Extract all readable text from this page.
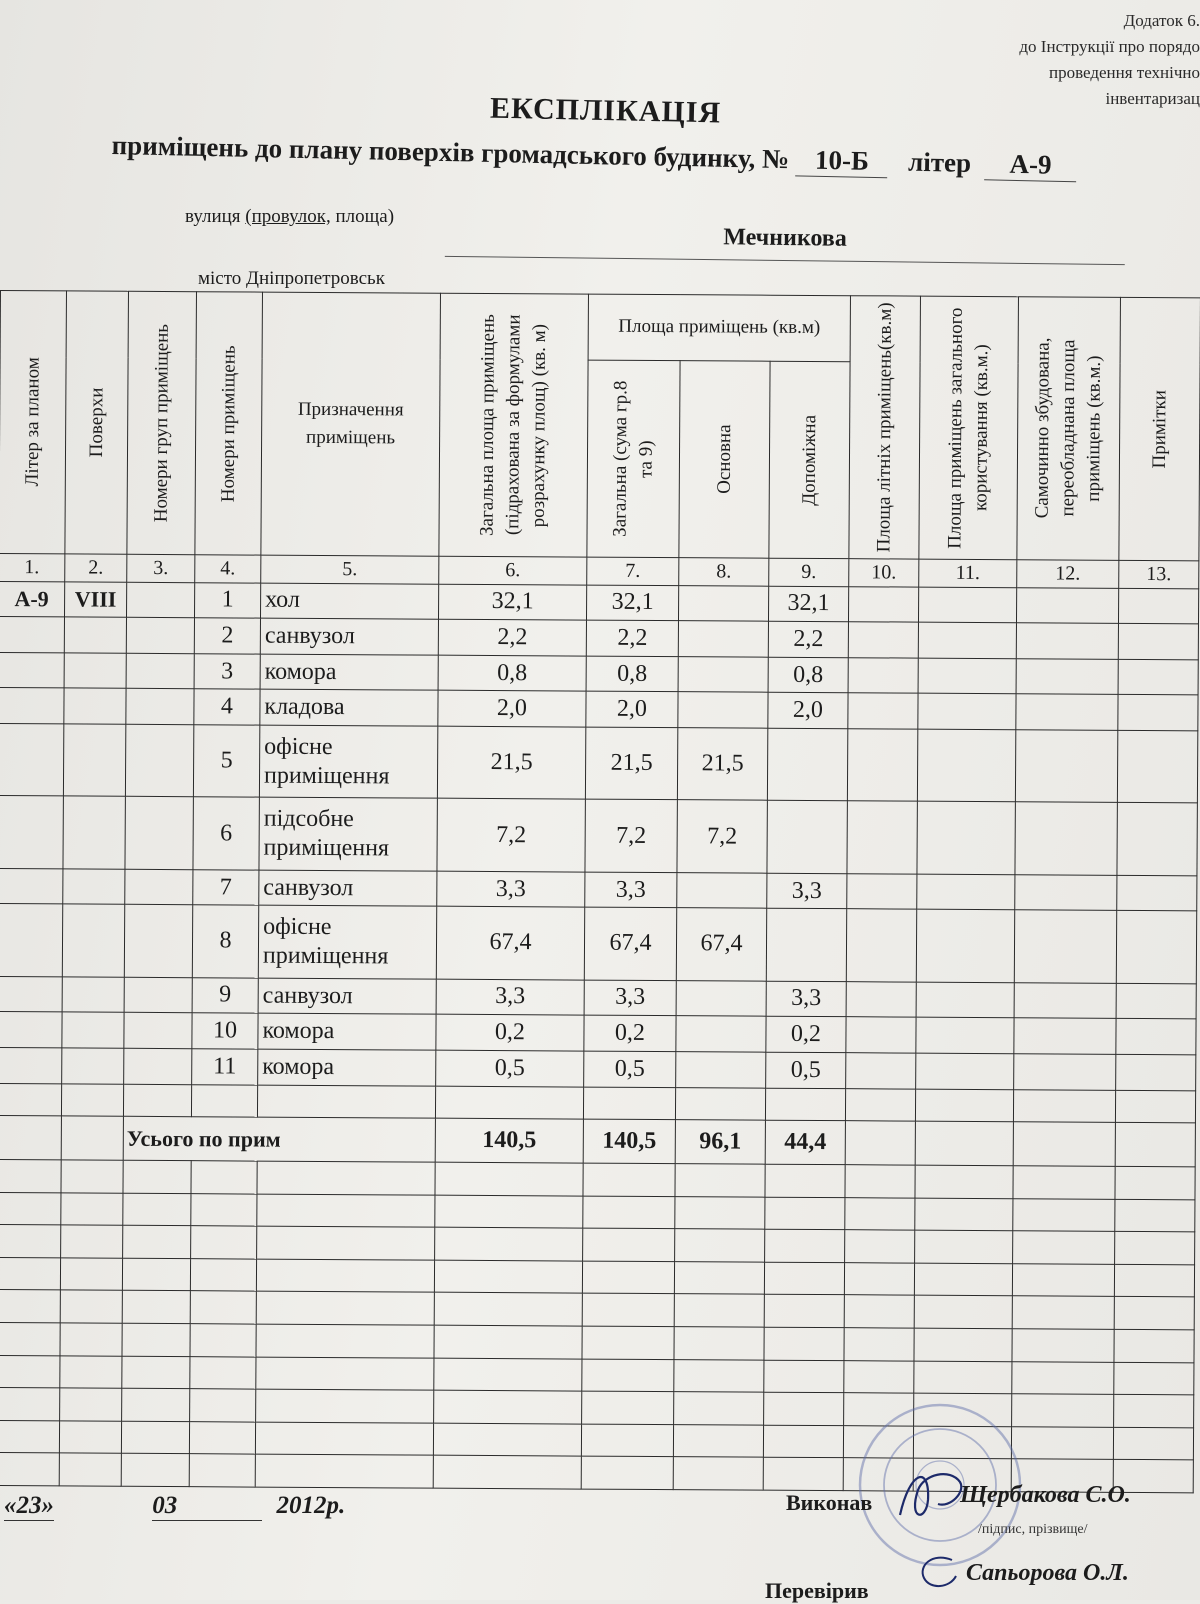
Додаток 6.
до Інструкції про порядо
проведення технічно
інвентаризац
ЕКСПЛІКАЦІЯ
приміщень до плану поверхів громадського будинку, № 10-Б літер А-9
вулиця (провулок, площа)
Мечникова
місто Дніпропетровськ
Літер за планом	Поверхи	Номери груп приміщень	Номери приміщень	Призначення приміщень	Загальна площа приміщень (підрахована за формулами розрахунку площ) (кв. м)	Площа приміщень (кв.м)			Площа літніх приміщень(кв.м)	Площа приміщень загального користування (кв.м.)	Самочинно збудована, переобладнана площа приміщень (кв.м.)	Примітки

						Загальна (сума гр.8 та 9)	Основна	Допоміжна				

1.	2.	3.	4.	5.	6.	7.	8.	9.	10.	11.	12.	13.
А-9	VIII		1	хол	32,1	32,1		32,1				
			2	санвузол	2,2	2,2		2,2				
			3	комора	0,8	0,8		0,8				
			4	кладова	2,0	2,0		2,0				
			5	офісне приміщення	21,5	21,5	21,5					
			6	підсобне приміщення	7,2	7,2	7,2					
			7	санвузол	3,3	3,3		3,3				
			8	офісне приміщення	67,4	67,4	67,4					
			9	санвузол	3,3	3,3		3,3				
			10	комора	0,2	0,2		0,2				
			11	комора	0,5	0,5		0,5				

		Усього по прим			140,5	140,5	96,1	44,4				

«23»	03	2012р.	Виконав	Щербакова С.О.
/підпис, прізвище/
Перевірив
Сапьорова О.Л.
